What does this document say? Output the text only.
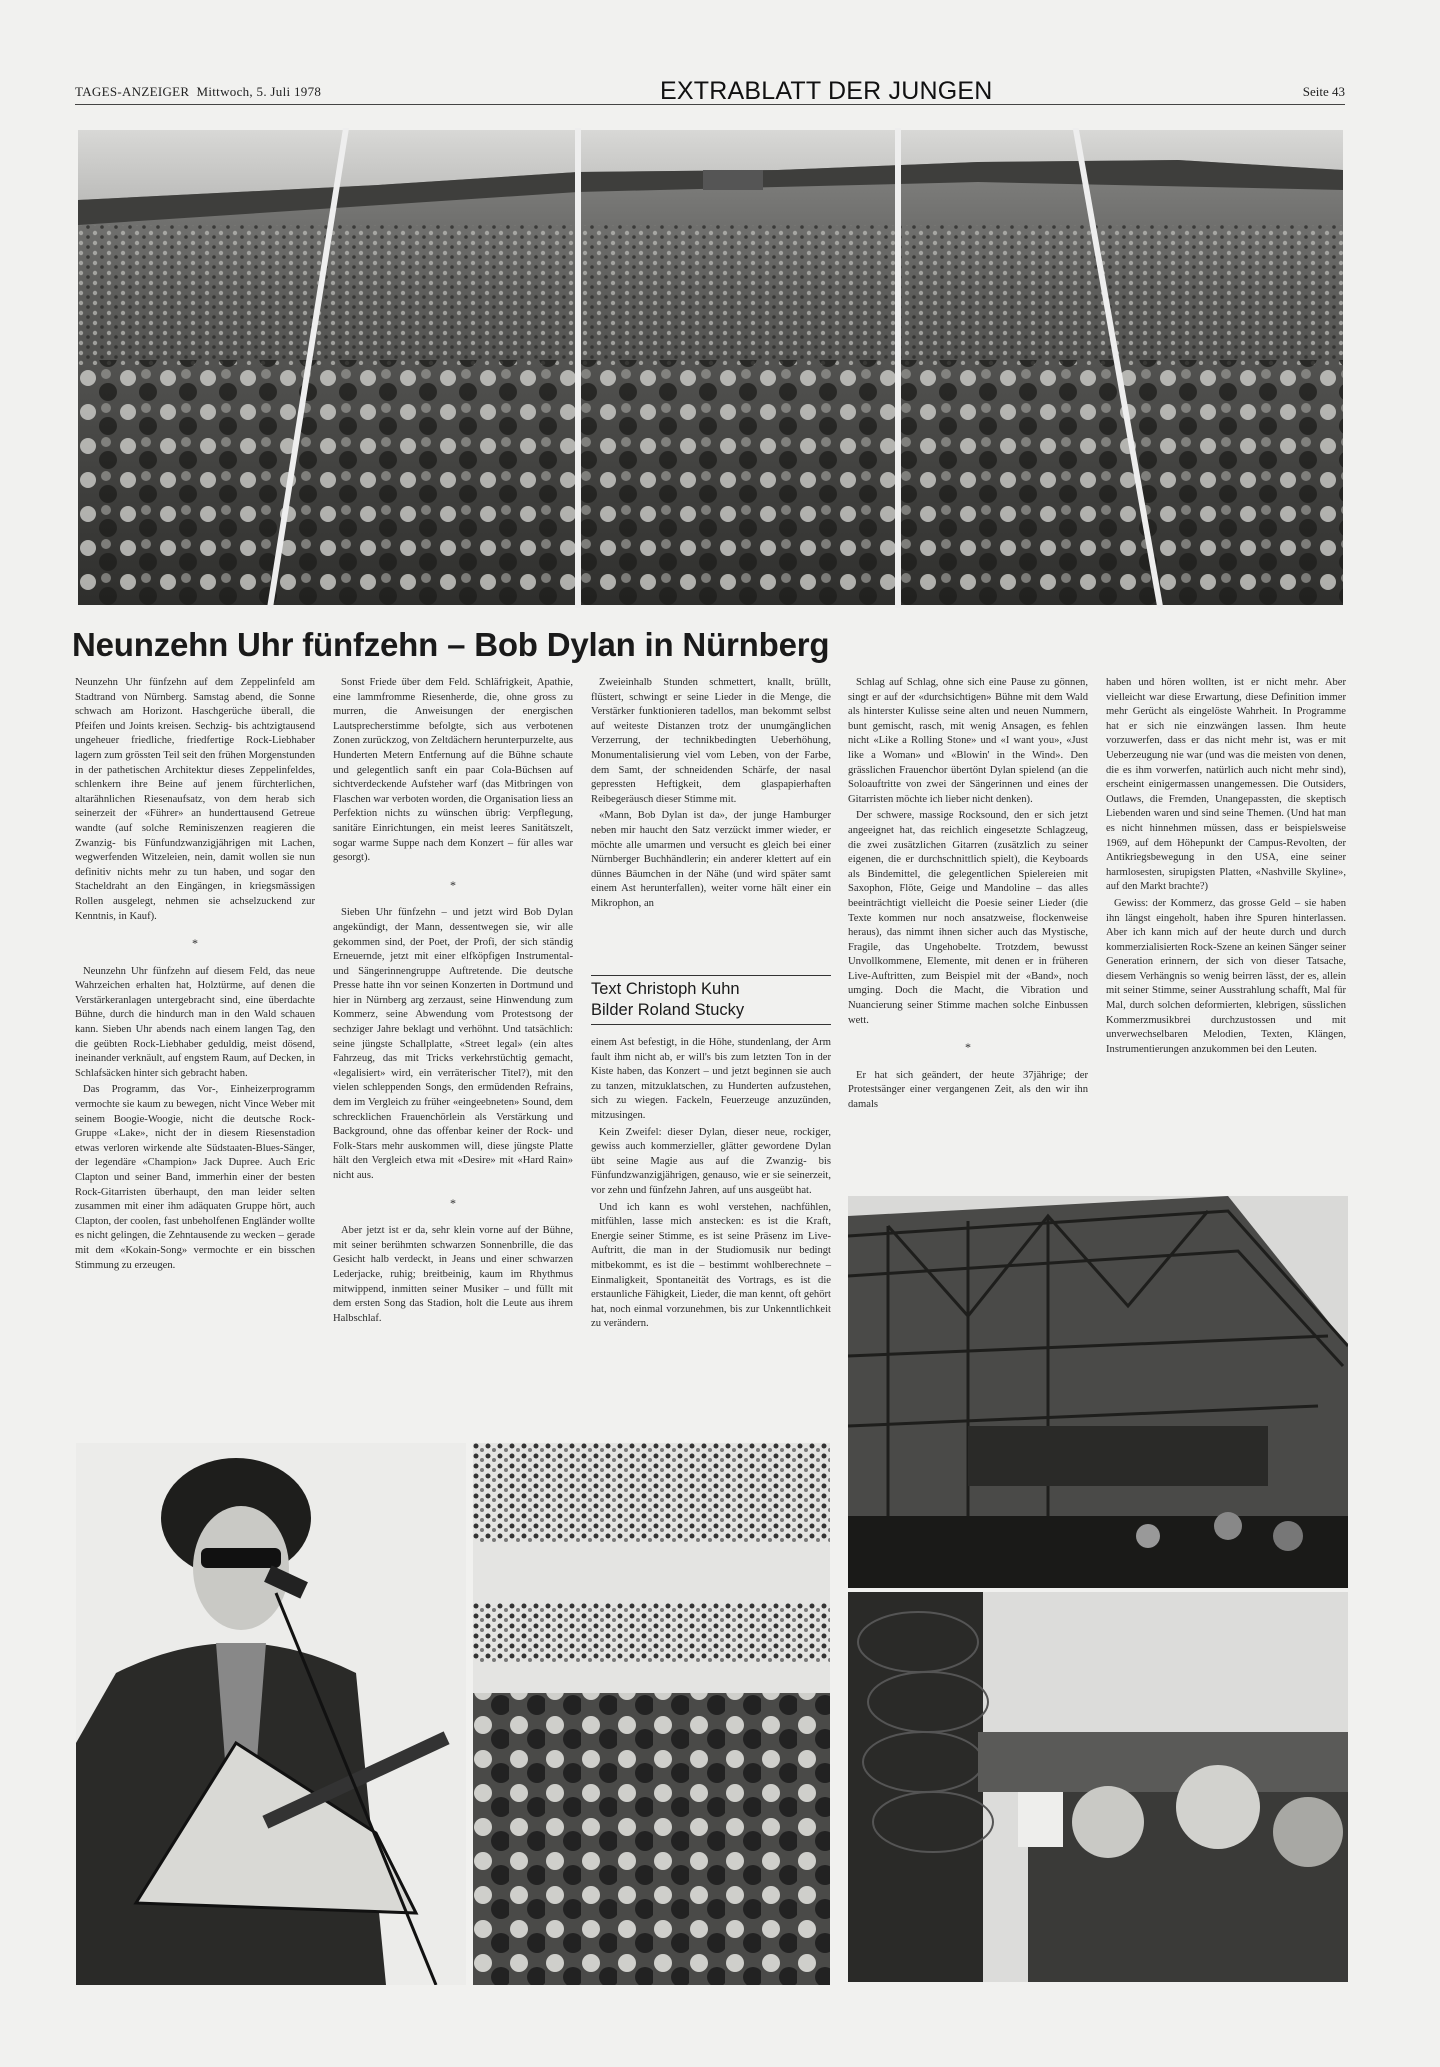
TAGES-ANZEIGER Mittwoch, 5. Juli 1978	EXTRABLATT DER JUNGEN	Seite 43
Neunzehn Uhr fünfzehn – Bob Dylan in Nürnberg

Neunzehn Uhr fünfzehn auf dem Zeppelinfeld am Stadtrand von Nürnberg. Samstag abend, die Sonne schwach am Horizont. Haschgerüche überall, die Pfeifen und Joints kreisen. Sechzig- bis achtzigtausend ungeheuer friedliche, friedfertige Rock-Liebhaber lagern zum grössten Teil seit den frühen Morgenstunden in der pathetischen Architektur dieses Zeppelinfeldes, schlenkern ihre Beine auf jenem fürchterlichen, altarähnlichen Riesenaufsatz, von dem herab sich seinerzeit der «Führer» an hunderttausend Getreue wandte (auf solche Reminiszenzen reagieren die Zwanzig- bis Fünfundzwanzigjährigen mit Lachen, wegwerfenden Witzeleien, nein, damit wollen sie nun definitiv nichts mehr zu tun haben, und sogar den Stacheldraht an den Eingängen, in kriegsmässigen Rollen ausgelegt, nehmen sie achselzuckend zur Kenntnis, in Kauf).

*

Neunzehn Uhr fünfzehn auf diesem Feld, das neue Wahrzeichen erhalten hat, Holztürme, auf denen die Verstärkeranlagen untergebracht sind, eine überdachte Bühne, durch die hindurch man in den Wald schauen kann. Sieben Uhr abends nach einem langen Tag, den die geübten Rock-Liebhaber geduldig, meist dösend, ineinander verknäult, auf engstem Raum, auf Decken, in Schlafsäcken hinter sich gebracht haben.

Das Programm, das Vor-, Einheizerprogramm vermochte sie kaum zu bewegen, nicht Vince Weber mit seinem Boogie-Woogie, nicht die deutsche Rock-Gruppe «Lake», nicht der in diesem Riesenstadion etwas verloren wirkende alte Südstaaten-Blues-Sänger, der legendäre «Champion» Jack Dupree. Auch Eric Clapton und seiner Band, immerhin einer der besten Rock-Gitarristen überhaupt, den man leider selten zusammen mit einer ihm adäquaten Gruppe hört, auch Clapton, der coolen, fast unbeholfenen Engländer wollte es nicht gelingen, die Zehntausende zu wecken – gerade mit dem «Kokain-Song» vermochte er ein bisschen Stimmung zu erzeugen.

Sonst Friede über dem Feld. Schläfrigkeit, Apathie, eine lammfromme Riesenherde, die, ohne gross zu murren, die Anweisungen der energischen Lautsprecherstimme befolgte, sich aus verbotenen Zonen zurückzog, von Zeltdächern herunterpurzelte, aus Hunderten Metern Entfernung auf die Bühne schaute und gelegentlich sanft ein paar Cola-Büchsen auf sichtverdeckende Aufsteher warf (das Mitbringen von Flaschen war verboten worden, die Organisation liess an Perfektion nichts zu wünschen übrig: Verpflegung, sanitäre Einrichtungen, ein meist leeres Sanitätszelt, sogar warme Suppe nach dem Konzert – für alles war gesorgt).

*

Sieben Uhr fünfzehn – und jetzt wird Bob Dylan angekündigt, der Mann, dessentwegen sie, wir alle gekommen sind, der Poet, der Profi, der sich ständig Erneuernde, jetzt mit einer elfköpfigen Instrumental- und Sängerinnengruppe Auftretende. Die deutsche Presse hatte ihn vor seinen Konzerten in Dortmund und hier in Nürnberg arg zerzaust, seine Hinwendung zum Kommerz, seine Abwendung vom Protestsong der sechziger Jahre beklagt und verhöhnt. Und tatsächlich: seine jüngste Schallplatte, «Street legal» (ein altes Fahrzeug, das mit Tricks verkehrstüchtig gemacht, «legalisiert» wird, ein verräterischer Titel?), mit den vielen schleppenden Songs, den ermüdenden Refrains, dem im Vergleich zu früher «eingeebneten» Sound, dem schrecklichen Frauenchörlein als Verstärkung und Background, ohne das offenbar keiner der Rock- und Folk-Stars mehr auskommen will, diese jüngste Platte hält den Vergleich etwa mit «Desire» mit «Hard Rain» nicht aus.

*

Aber jetzt ist er da, sehr klein vorne auf der Bühne, mit seiner berühmten schwarzen Sonnenbrille, die das Gesicht halb verdeckt, in Jeans und einer schwarzen Lederjacke, ruhig; breitbeinig, kaum im Rhythmus mitwippend, inmitten seiner Musiker – und füllt mit dem ersten Song das Stadion, holt die Leute aus ihrem Halbschlaf.

Zweieinhalb Stunden schmettert, knallt, brüllt, flüstert, schwingt er seine Lieder in die Menge, die Verstärker funktionieren tadellos, man bekommt selbst auf weiteste Distanzen trotz der unumgänglichen Verzerrung, der technikbedingten Ueberhöhung, Monumentalisierung viel vom Leben, von der Farbe, dem Samt, der schneidenden Schärfe, der nasal gepressten Heftigkeit, dem glaspapierhaften Reibegeräusch dieser Stimme mit.

«Mann, Bob Dylan ist da», der junge Hamburger neben mir haucht den Satz verzückt immer wieder, er möchte alle umarmen und versucht es gleich bei einer Nürnberger Buchhändlerin; ein anderer klettert auf ein dünnes Bäumchen in der Nähe (und wird später samt einem Ast herunterfallen), weiter vorne hält einer ein Mikrophon, an

Text Christoph Kuhn
Bilder Roland Stucky

einem Ast befestigt, in die Höhe, stundenlang, der Arm fault ihm nicht ab, er will's bis zum letzten Ton in der Kiste haben, das Konzert – und jetzt beginnen sie auch zu tanzen, mitzuklatschen, zu Hunderten aufzustehen, sich zu wiegen. Fackeln, Feuerzeuge anzuzünden, mitzusingen.

Kein Zweifel: dieser Dylan, dieser neue, rockiger, gewiss auch kommerzieller, glätter gewordene Dylan übt seine Magie aus auf die Zwanzig- bis Fünfundzwanzigjährigen, genauso, wie er sie seinerzeit, vor zehn und fünfzehn Jahren, auf uns ausgeübt hat.

Und ich kann es wohl verstehen, nachfühlen, mitfühlen, lasse mich anstecken: es ist die Kraft, Energie seiner Stimme, es ist seine Präsenz im Live-Auftritt, die man in der Studiomusik nur bedingt mitbekommt, es ist die – bestimmt wohlberechnete – Einmaligkeit, Spontaneität des Vortrags, es ist die erstaunliche Fähigkeit, Lieder, die man kennt, oft gehört hat, noch einmal vorzunehmen, bis zur Unkenntlichkeit zu verändern.

Schlag auf Schlag, ohne sich eine Pause zu gönnen, singt er auf der «durchsichtigen» Bühne mit dem Wald als hinterster Kulisse seine alten und neuen Nummern, bunt gemischt, rasch, mit wenig Ansagen, es fehlen nicht «Like a Rolling Stone» und «I want you», «Just like a Woman» und «Blowin' in the Wind». Den grässlichen Frauenchor übertönt Dylan spielend (an die Soloauftritte von zwei der Sängerinnen und eines der Gitarristen möchte ich lieber nicht denken).

Der schwere, massige Rocksound, den er sich jetzt angeeignet hat, das reichlich eingesetzte Schlagzeug, die zwei zusätzlichen Gitarren (zusätzlich zu seiner eigenen, die er durchschnittlich spielt), die Keyboards als Bindemittel, die gelegentlichen Spielereien mit Saxophon, Flöte, Geige und Mandoline – das alles beeinträchtigt vielleicht die Poesie seiner Lieder (die Texte kommen nur noch ansatzweise, flockenweise heraus), das nimmt ihnen sicher auch das Mystische, Fragile, das Ungehobelte. Trotzdem, bewusst Unvollkommene, Elemente, mit denen er in früheren Live-Auftritten, zum Beispiel mit der «Band», noch umging. Doch die Macht, die Vibration und Nuancierung seiner Stimme machen solche Einbussen wett.

*

Er hat sich geändert, der heute 37jährige; der Protestsänger einer vergangenen Zeit, als den wir ihn damals

haben und hören wollten, ist er nicht mehr. Aber vielleicht war diese Erwartung, diese Definition immer mehr Gerücht als eingelöste Wahrheit. In Programme hat er sich nie einzwängen lassen. Ihm heute vorzuwerfen, dass er das nicht mehr ist, was er mit Ueberzeugung nie war (und was die meisten von denen, die es ihm vorwerfen, natürlich auch nicht mehr sind), erscheint einigermassen unangemessen. Die Outsiders, Outlaws, die Fremden, Unangepassten, die skeptisch Liebenden waren und sind seine Themen. (Und hat man es nicht hinnehmen müssen, dass er beispielsweise 1969, auf dem Höhepunkt der Campus-Revolten, der Antikriegsbewegung in den USA, eine seiner harmlosesten, sirupigsten Platten, «Nashville Skyline», auf den Markt brachte?)

Gewiss: der Kommerz, das grosse Geld – sie haben ihn längst eingeholt, haben ihre Spuren hinterlassen. Aber ich kann mich auf der heute durch und durch kommerzialisierten Rock-Szene an keinen Sänger seiner Generation erinnern, der sich von dieser Tatsache, diesem Verhängnis so wenig beirren lässt, der es, allein mit seiner Stimme, seiner Ausstrahlung schafft, Mal für Mal, durch solchen deformierten, klebrigen, süsslichen Kommerzmusikbrei durchzustossen und mit unverwechselbaren Melodien, Texten, Klängen, Instrumentierungen anzukommen bei den Leuten.
